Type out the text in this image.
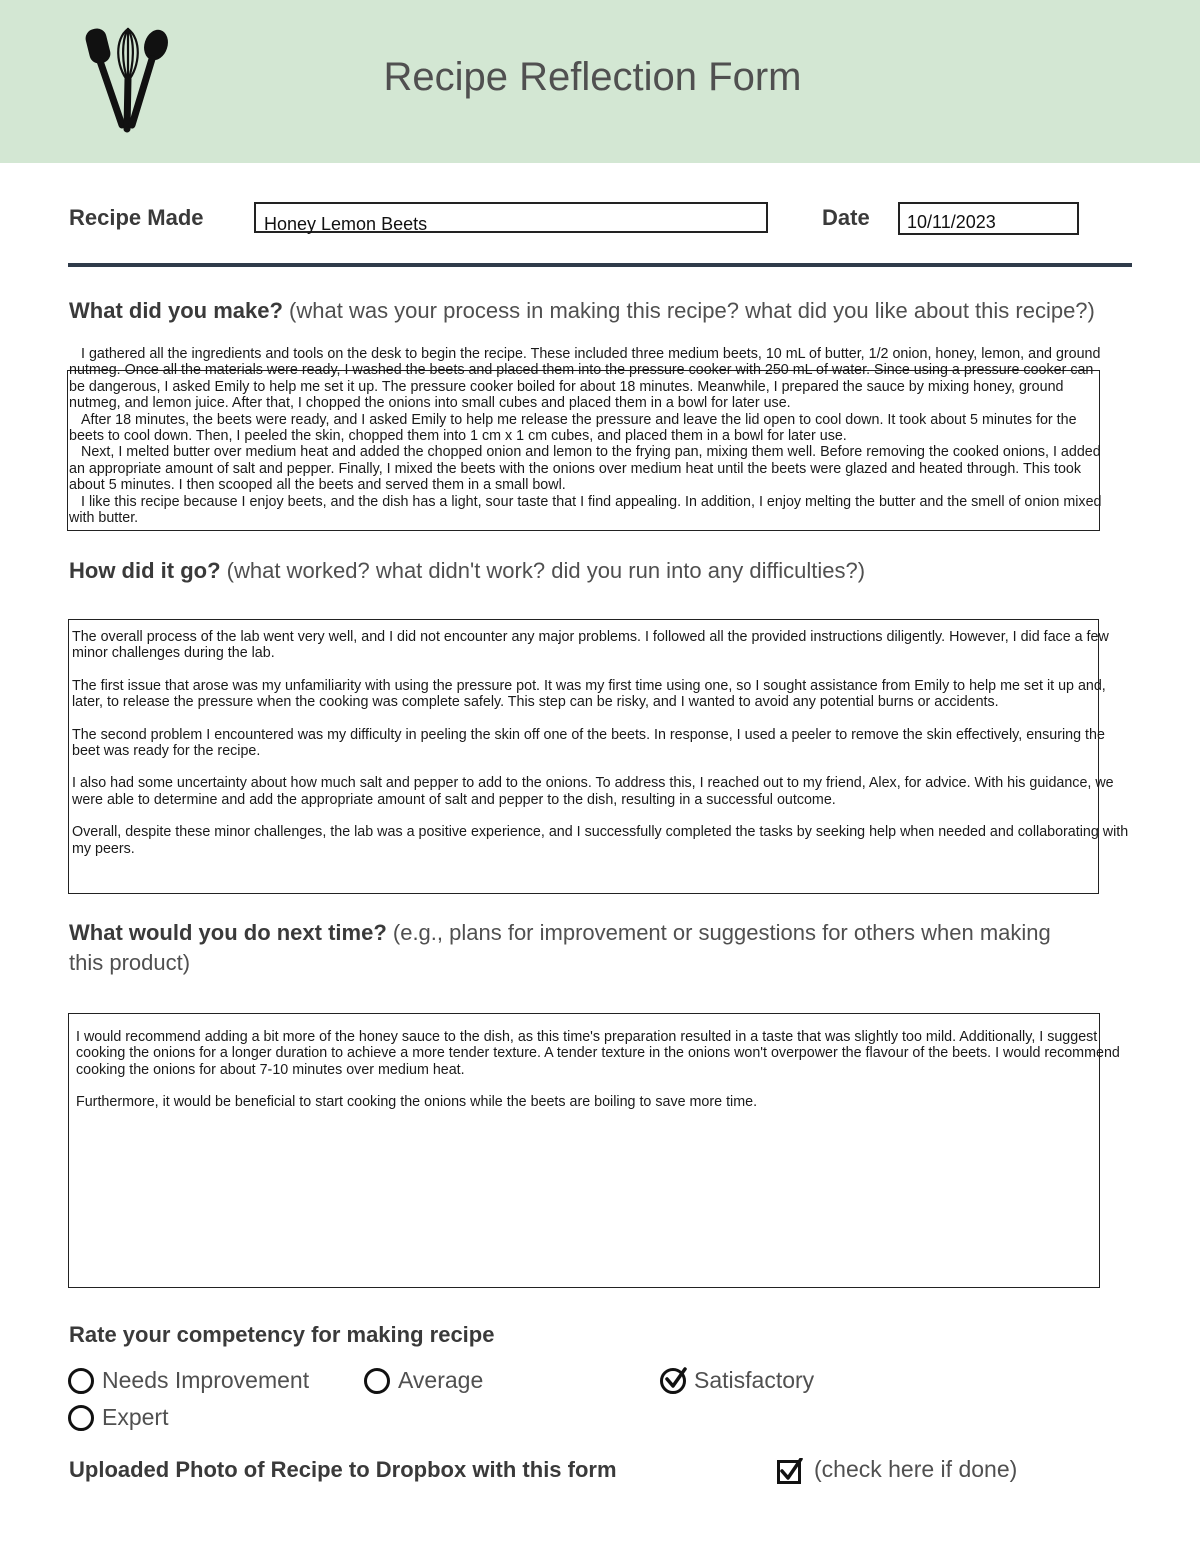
Recipe Reflection Form
Recipe Made	Honey Lemon Beets	Date	10/11/2023
What did you make? (what was your process in making this recipe? what did you like about this recipe?)

I gathered all the ingredients and tools on the desk to begin the recipe. These included three medium beets, 10 mL of butter, 1/2 onion, honey, lemon, and ground nutmeg. Once all the materials were ready, I washed the beets and placed them into the pressure cooker with 250 mL of water. Since using a pressure cooker can be dangerous, I asked Emily to help me set it up. The pressure cooker boiled for about 18 minutes. Meanwhile, I prepared the sauce by mixing honey, ground nutmeg, and lemon juice. After that, I chopped the onions into small cubes and placed them in a bowl for later use.

After 18 minutes, the beets were ready, and I asked Emily to help me release the pressure and leave the lid open to cool down. It took about 5 minutes for the beets to cool down. Then, I peeled the skin, chopped them into 1 cm x 1 cm cubes, and placed them in a bowl for later use.

Next, I melted butter over medium heat and added the chopped onion and lemon to the frying pan, mixing them well. Before removing the cooked onions, I added an appropriate amount of salt and pepper. Finally, I mixed the beets with the onions over medium heat until the beets were glazed and heated through. This took about 5 minutes. I then scooped all the beets and served them in a small bowl.

I like this recipe because I enjoy beets, and the dish has a light, sour taste that I find appealing. In addition, I enjoy melting the butter and the smell of onion mixed with butter.

How did it go? (what worked? what didn't work? did you run into any difficulties?)

The overall process of the lab went very well, and I did not encounter any major problems. I followed all the provided instructions diligently. However, I did face a few minor challenges during the lab.

The first issue that arose was my unfamiliarity with using the pressure pot. It was my first time using one, so I sought assistance from Emily to help me set it up and, later, to release the pressure when the cooking was complete safely. This step can be risky, and I wanted to avoid any potential burns or accidents.

The second problem I encountered was my difficulty in peeling the skin off one of the beets. In response, I used a peeler to remove the skin effectively, ensuring the beet was ready for the recipe.

I also had some uncertainty about how much salt and pepper to add to the onions. To address this, I reached out to my friend, Alex, for advice. With his guidance, we were able to determine and add the appropriate amount of salt and pepper to the dish, resulting in a successful outcome.

Overall, despite these minor challenges, the lab was a positive experience, and I successfully completed the tasks by seeking help when needed and collaborating with my peers.

What would you do next time? (e.g., plans for improvement or suggestions for others when making this product)

I would recommend adding a bit more of the honey sauce to the dish, as this time's preparation resulted in a taste that was slightly too mild. Additionally, I suggest cooking the onions for a longer duration to achieve a more tender texture. A tender texture in the onions won't overpower the flavour of the beets. I would recommend cooking the onions for about 7-10 minutes over medium heat.

Furthermore, it would be beneficial to start cooking the onions while the beets are boiling to save more time.

Rate your competency for making recipe
Needs Improvement	Average	Satisfactory
Expert
Uploaded Photo of Recipe to Dropbox with this form	(check here if done)
